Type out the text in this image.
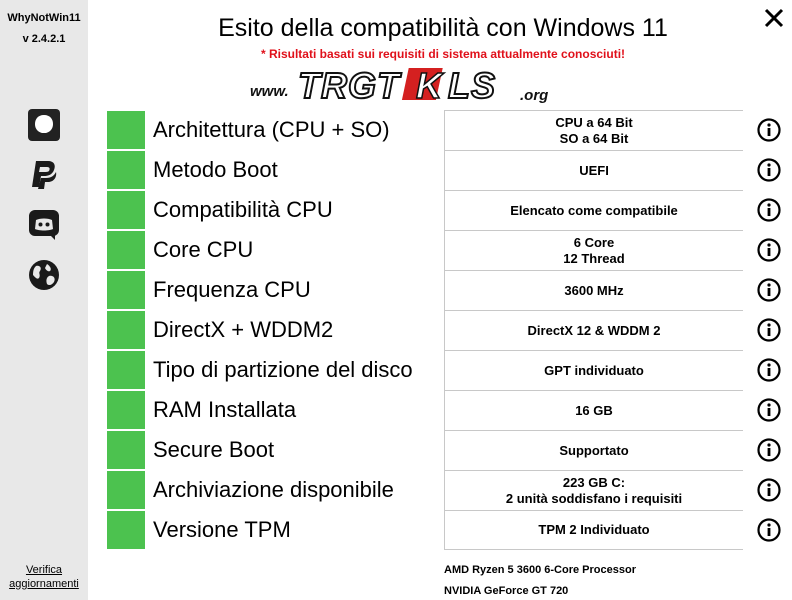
WhyNotWin11
v 2.4.2.1
Verifica aggiornamenti
Esito della compatibilità con Windows 11
* Risultati basati sui requisiti di sistema attualmente conosciuti!
www. TRGT K LS .org
Architettura (CPU + SO)	CPU a 64 Bit
SO a 64 Bit
Metodo Boot	UEFI
Compatibilità CPU	Elencato come compatibile
Core CPU	6 Core
12 Thread
Frequenza CPU	3600 MHz
DirectX + WDDM2	DirectX 12 & WDDM 2
Tipo di partizione del disco	GPT individuato
RAM Installata	16 GB
Secure Boot	Supportato
Archiviazione disponibile	223 GB C:
2 unità soddisfano i requisiti
Versione TPM	TPM 2 Individuato
AMD Ryzen 5 3600 6-Core Processor
NVIDIA GeForce GT 720
